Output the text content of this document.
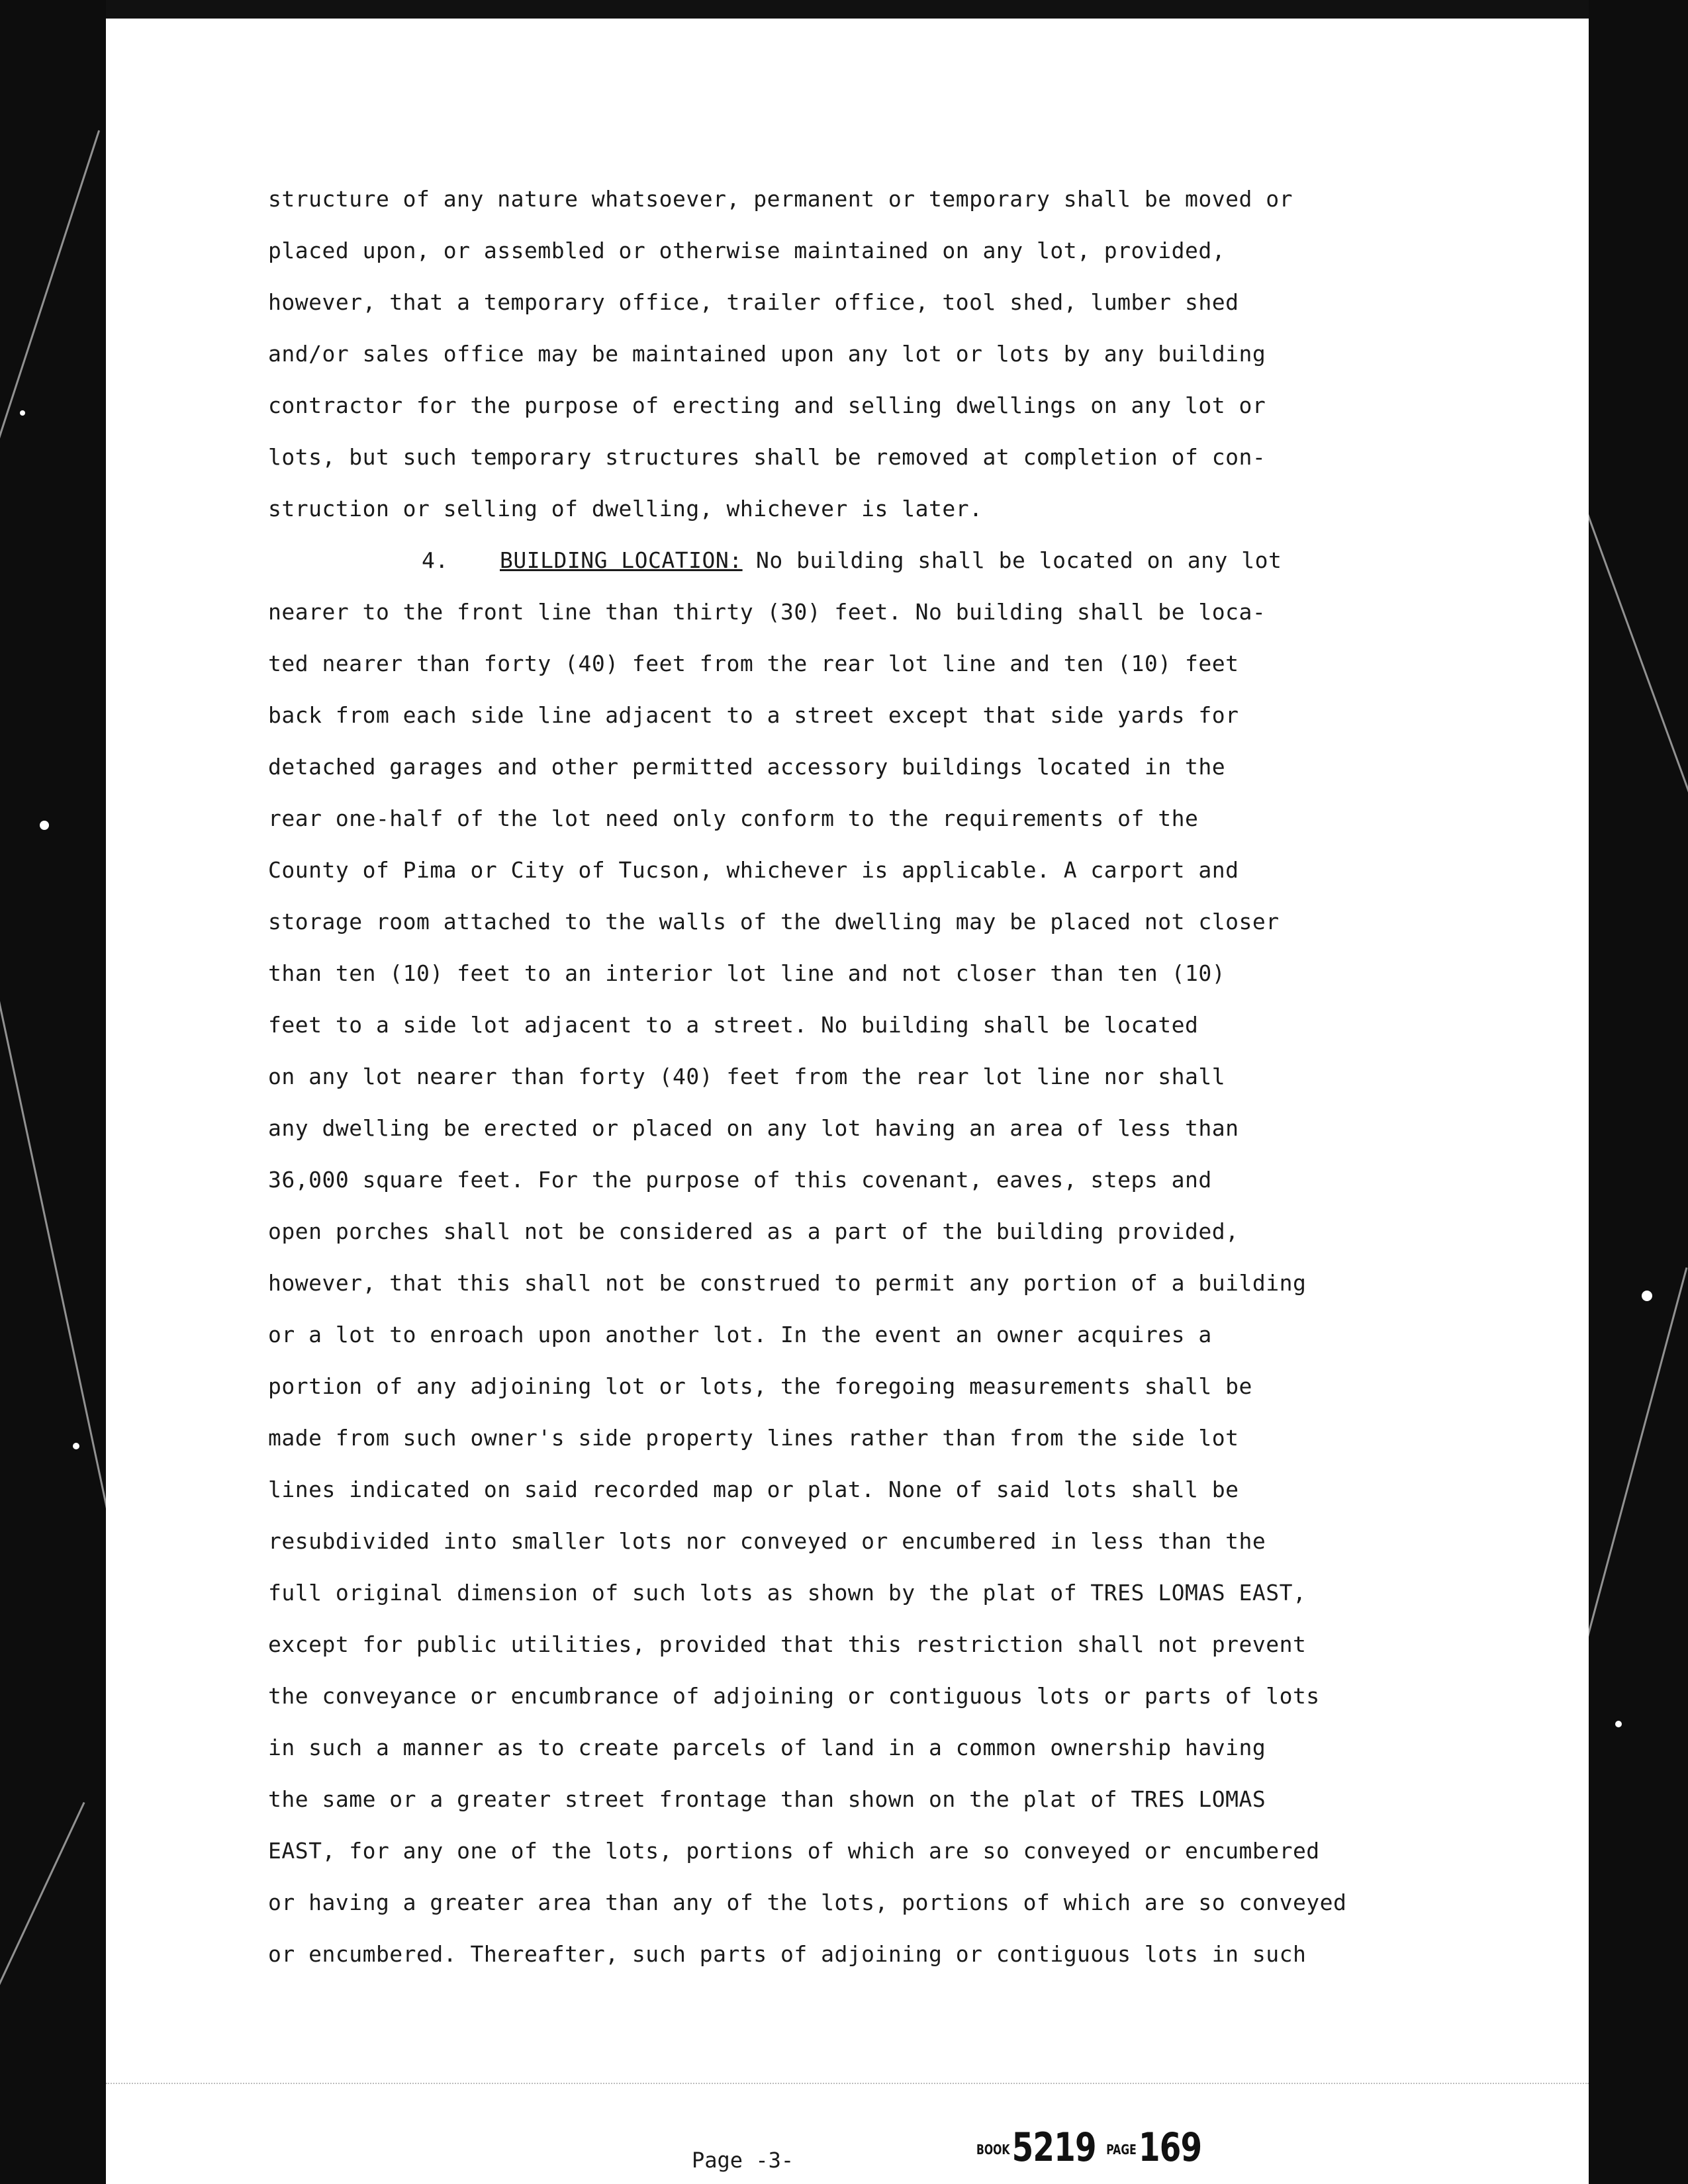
structure of any nature whatsoever, permanent or temporary shall be moved or
placed upon, or assembled or otherwise maintained on any lot, provided,
however, that a temporary office, trailer office, tool shed, lumber shed
and/or sales office may be maintained upon any lot or lots by any building
contractor for the purpose of erecting and selling dwellings on any lot or
lots, but such temporary structures shall be removed at completion of con-
struction or selling of dwelling, whichever is later.
4. BUILDING LOCATION: No building shall be located on any lot
nearer to the front line than thirty (30) feet. No building shall be loca-
ted nearer than forty (40) feet from the rear lot line and ten (10) feet
back from each side line adjacent to a street except that side yards for
detached garages and other permitted accessory buildings located in the
rear one-half of the lot need only conform to the requirements of the
County of Pima or City of Tucson, whichever is applicable. A carport and
storage room attached to the walls of the dwelling may be placed not closer
than ten (10) feet to an interior lot line and not closer than ten (10)
feet to a side lot adjacent to a street. No building shall be located
on any lot nearer than forty (40) feet from the rear lot line nor shall
any dwelling be erected or placed on any lot having an area of less than
36,000 square feet. For the purpose of this covenant, eaves, steps and
open porches shall not be considered as a part of the building provided,
however, that this shall not be construed to permit any portion of a building
or a lot to enroach upon another lot. In the event an owner acquires a
portion of any adjoining lot or lots, the foregoing measurements shall be
made from such owner's side property lines rather than from the side lot
lines indicated on said recorded map or plat. None of said lots shall be
resubdivided into smaller lots nor conveyed or encumbered in less than the
full original dimension of such lots as shown by the plat of TRES LOMAS EAST,
except for public utilities, provided that this restriction shall not prevent
the conveyance or encumbrance of adjoining or contiguous lots or parts of lots
in such a manner as to create parcels of land in a common ownership having
the same or a greater street frontage than shown on the plat of TRES LOMAS
EAST, for any one of the lots, portions of which are so conveyed or encumbered
or having a greater area than any of the lots, portions of which are so conveyed
or encumbered. Thereafter, such parts of adjoining or contiguous lots in such
Page -3-	BOOK5219 PAGE169
